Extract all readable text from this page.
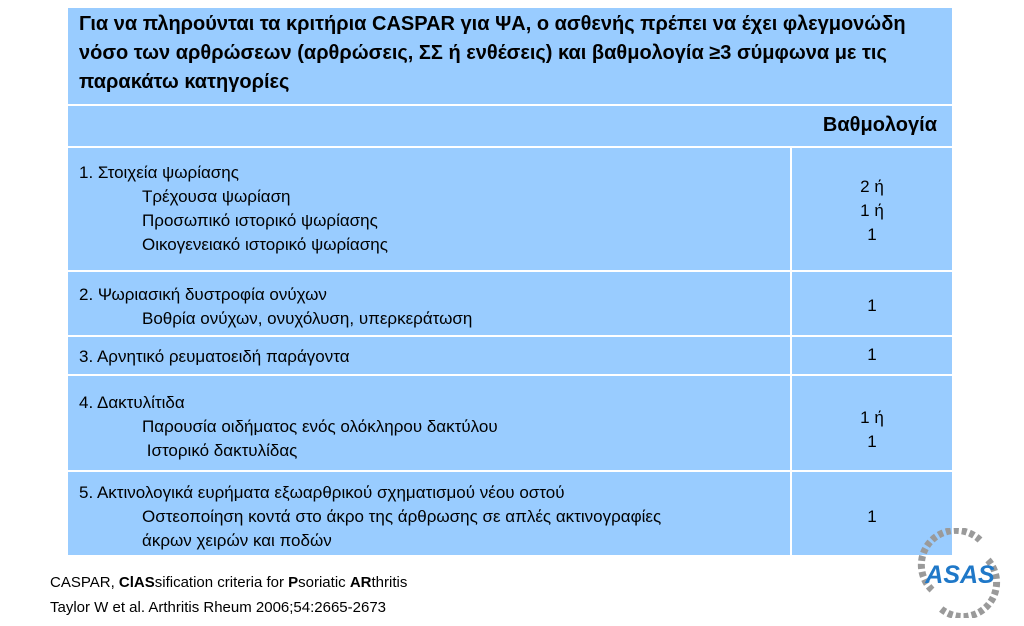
Για να πληρούνται τα κριτήρια CASPAR για ΨΑ, ο ασθενής πρέπει να έχει φλεγμονώδη νόσο των αρθρώσεων (αρθρώσεις, ΣΣ ή ενθέσεις) και βαθμολογία ≥3 σύμφωνα με τις παρακάτω κατηγορίες
Βαθμολογία
1. Στοιχεία ψωρίασης
Τρέχουσα ψωρίαση
Προσωπικό ιστορικό ψωρίασης
Οικογενειακό ιστορικό ψωρίασης
2 ή
1 ή
1
2. Ψωριασική δυστροφία ονύχων
Βοθρία ονύχων, ονυχόλυση, υπερκεράτωση
1
3. Αρνητικό ρευματοειδή παράγοντα	1
4. Δακτυλίτιδα
Παρουσία οιδήματος ενός ολόκληρου δακτύλου
Ιστορικό δακτυλίδας
1 ή
1
5. Ακτινολογικά ευρήματα εξωαρθρικού σχηματισμού νέου οστού
Οστεοποίηση κοντά στο άκρο της άρθρωσης σε απλές ακτινογραφίες
άκρων χειρών και ποδών
1
CASPAR, ClASsification criteria for Psoriatic ARthritis
Taylor W et al. Arthritis Rheum 2006;54:2665-2673
ASAS
